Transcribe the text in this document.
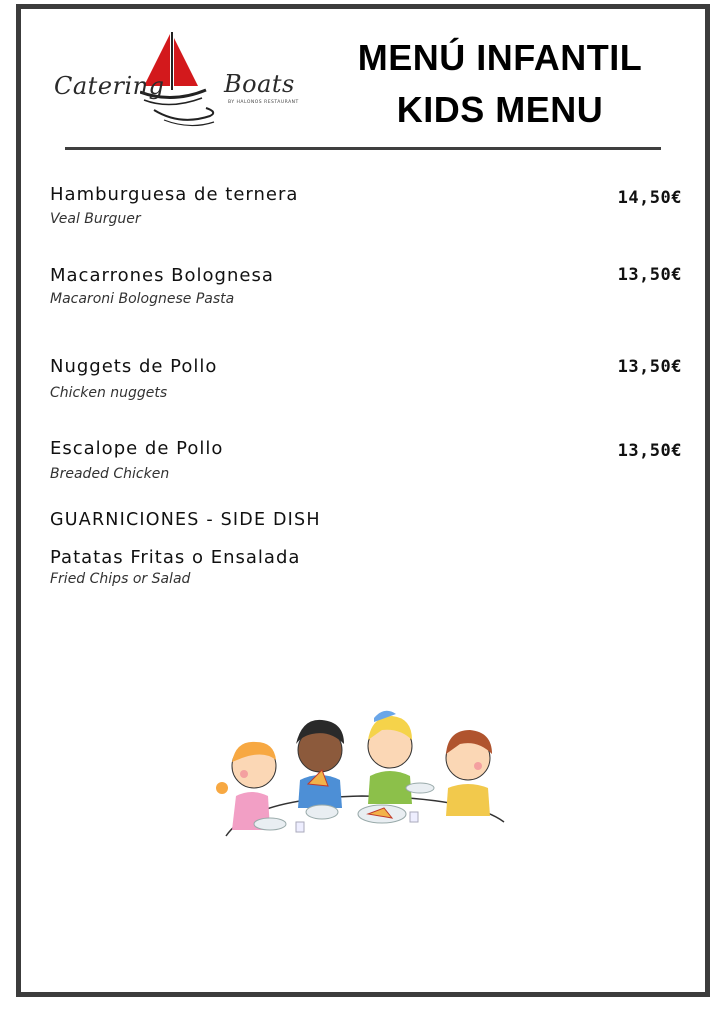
Catering Boats
BY HALONOS RESTAURANT
MENÚ INFANTIL
KIDS MENU
Hamburguesa de ternera
Veal Burguer
14,50€
Macarrones Bolognesa
Macaroni Bolognese Pasta
13,50€
Nuggets de Pollo
Chicken nuggets
13,50€
Escalope de Pollo
Breaded Chicken
13,50€
GUARNICIONES - SIDE DISH
Patatas Fritas o Ensalada
Fried Chips or Salad
